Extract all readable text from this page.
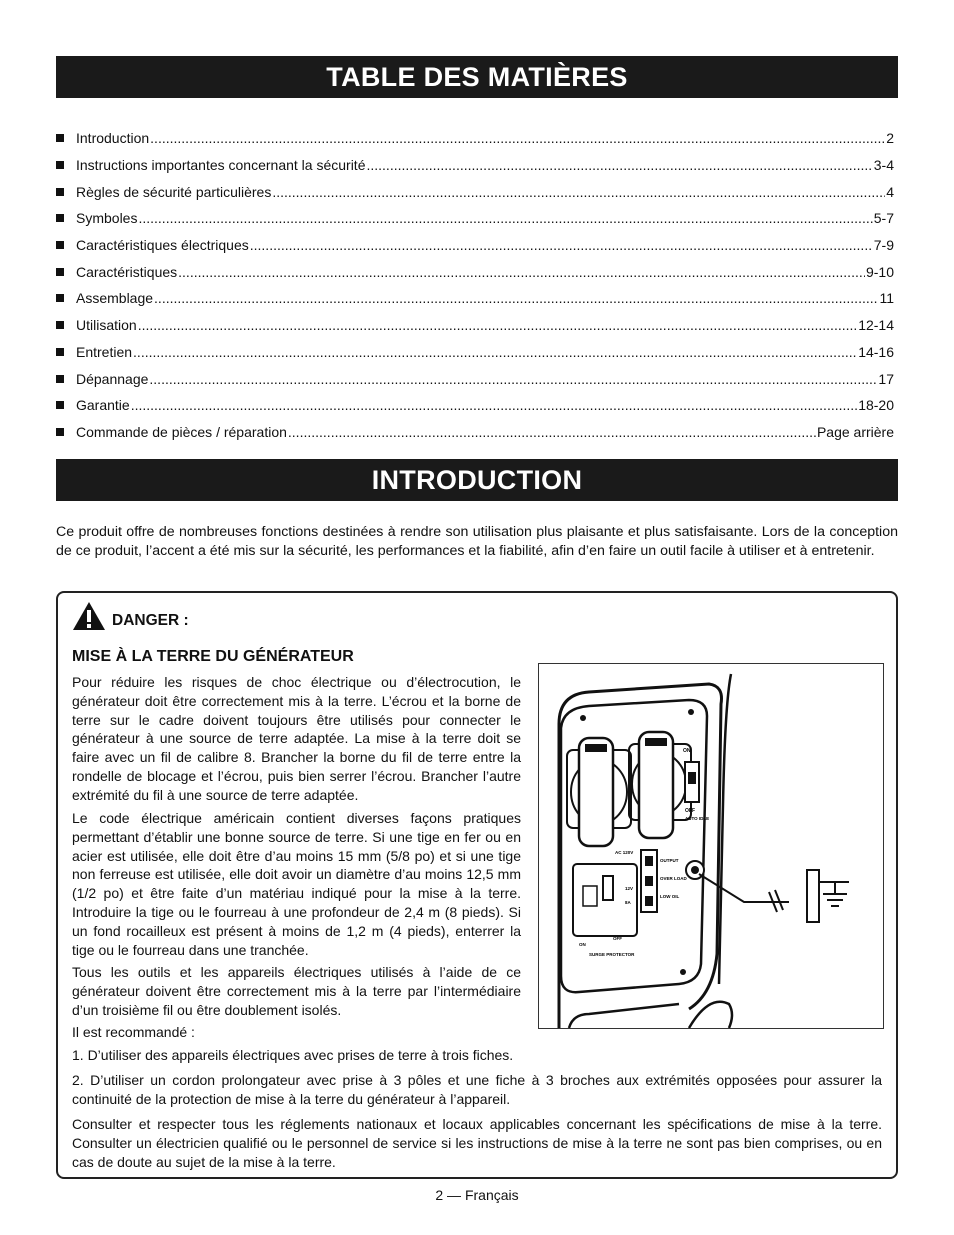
TABLE DES MATIÈRES
Introduction .....	2
Instructions importantes concernant la sécurité .....	3-4
Règles de sécurité particulières .....	4
Symboles .....	5-7
Caractéristiques électriques .....	7-9
Caractéristiques .....	9-10
Assemblage .....	11
Utilisation .....	12-14
Entretien .....	14-16
Dépannage .....	17
Garantie .....	18-20
Commande de pièces / réparation .....	Page arrière
INTRODUCTION

Ce produit offre de nombreuses fonctions destinées à rendre son utilisation plus plaisante et plus satisfaisante. Lors de la conception de ce produit, l’accent a été mis sur la sécurité, les performances et la fiabilité, afin d’en faire un outil facile à utiliser et à entretenir.

DANGER :
MISE À LA TERRE DU GÉNÉRATEUR

Pour réduire les risques de choc électrique ou d’électrocution, le générateur doit être correctement mis à la terre. L’écrou et la borne de terre sur le cadre doivent toujours être utilisés pour connecter le générateur à une source de terre adaptée. La mise à la terre doit se faire avec un fil de calibre 8. Brancher la borne du fil de terre entre la rondelle de blocage et l’écrou, puis bien serrer l’écrou. Brancher l’autre extrémité du fil à une source de terre adaptée.

Le code électrique américain contient diverses façons pratiques permettant d’établir une bonne source de terre. Si une tige en fer ou en acier est utilisée, elle doit être d’au moins 15 mm (5/8 po) et si une tige non ferreuse est utilisée, elle doit avoir un diamètre d’au moins 12,5 mm (1/2 po) et être faite d’un matériau indiqué pour la mise à la terre. Introduire la tige ou le fourreau à une profondeur de 2,4 m (8 pieds). Si un fond rocailleux est présent à moins de 1,2 m (4 pieds), enterrer la tige ou le fourreau dans une tranchée.

Tous les outils et les appareils électriques utilisés à l’aide de ce générateur doivent être correctement mis à la terre par l’intermédiaire d’un troisième fil ou être doublement isolés.

Il est recommandé :

1. D’utiliser des appareils électriques avec prises de terre à trois fiches.

2. D’utiliser un cordon prolongateur avec prise à 3 pôles et une fiche à 3 broches aux extrémités opposées pour assurer la continuité de la protection de mise à la terre du générateur à l’appareil.

Consulter et respecter tous les réglements nationaux et locaux applicables concernant les spécifications de mise à la terre. Consulter un électricien qualifié ou le personnel de service si les instructions de mise à la terre ne sont pas bien comprises, ou en cas de doute au sujet de la mise à la terre.

ON
OFF
AUTO IDLE
AC 120V
12V
8A
OUTPUT
OVER LOAD
LOW OIL
ON
OFF
SURGE PROTECTOR
2 — Français
